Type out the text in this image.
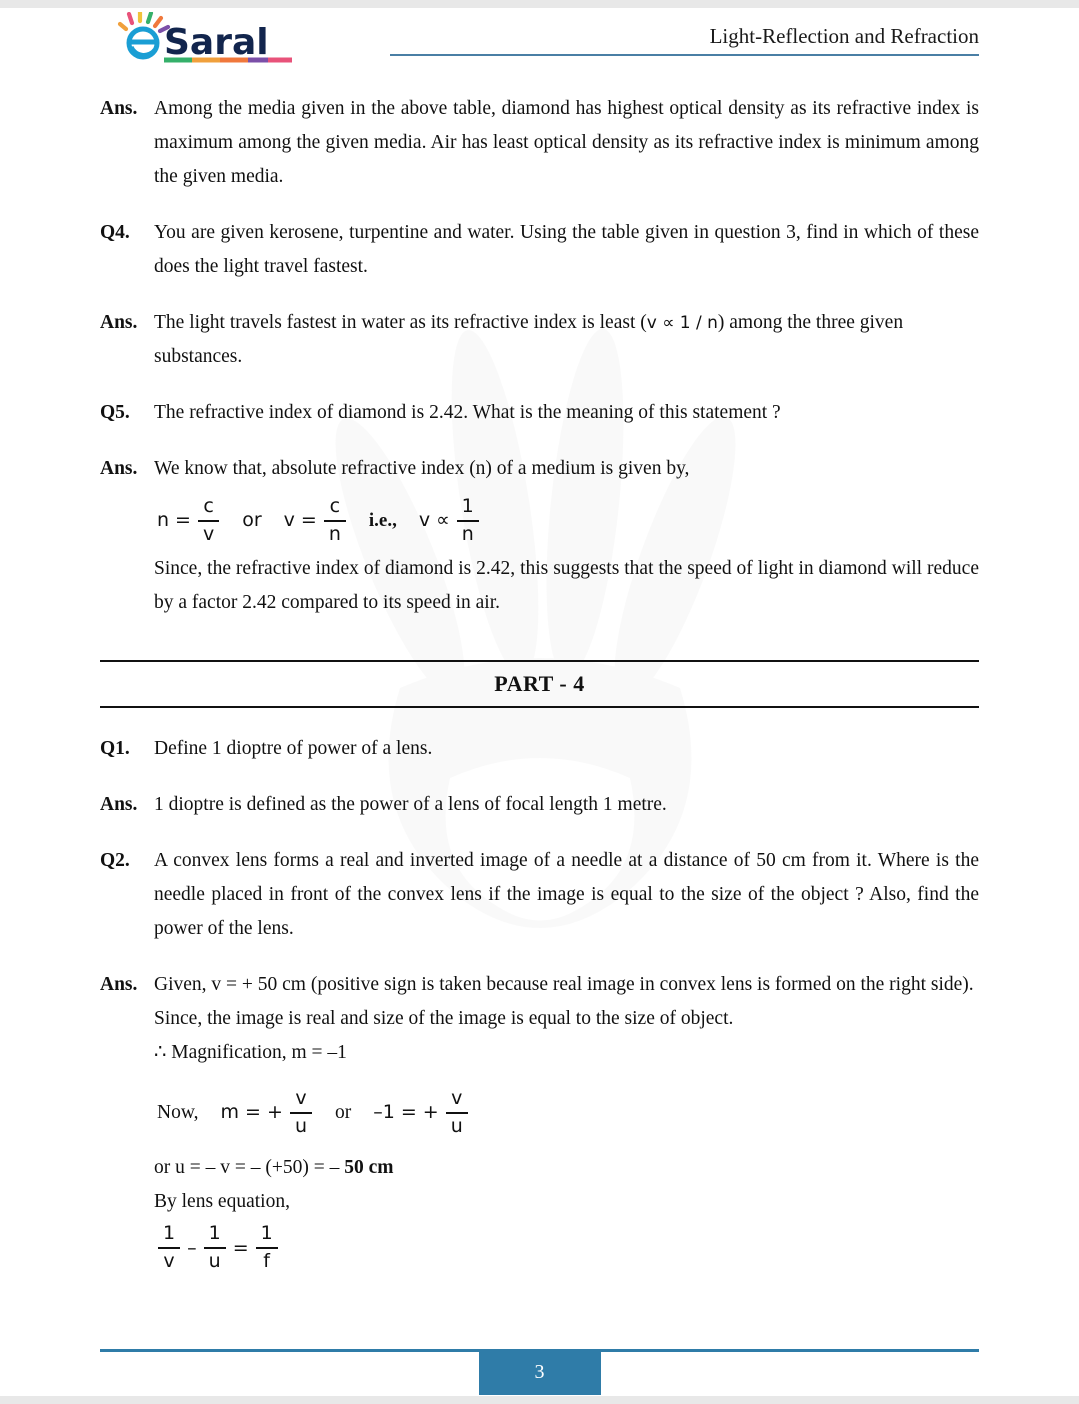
Saral	Light-Reflection and Refraction
Ans. Among the media given in the above table, diamond has highest optical density as its refractive index is maximum among the given media. Air has least optical density as its refractive index is minimum among the given media.
Q4.	You are given kerosene, turpentine and water. Using the table given in question 3, find in which of these does the light travel fastest.
Ans. The light travels fastest in water as its refractive index is least (v ∝ 1 / n) among the three given substances.
Q5.	The refractive index of diamond is 2.42. What is the meaning of this statement ?
Ans. We know that, absolute refractive index (n) of a medium is given by,

$n = \frac{c}{v}$ or $v = \frac{c}{n} i.e$., $v \propto \frac{1}{n}$

Since, the refractive index of diamond is 2.42, this suggests that the speed of light in diamond will reduce by a factor 2.42 compared to its speed in air.

PART - 4
Q1.	Define 1 dioptre of power of a lens.
Ans. 1 dioptre is defined as the power of a lens of focal length 1 metre.
Q2.	A convex lens forms a real and inverted image of a needle at a distance of 50 cm from it. Where is the needle placed in front of the convex lens if the image is equal to the size of the object ? Also, find the power of the lens.
Ans. Given, v = + 50 cm (positive sign is taken because real image in convex lens is formed on the right side).

Since, the image is real and size of the image is equal to the size of object.

∴ Magnification, m = –1

Now, m = + $\frac{v}{u}$ or –1 = + $\frac{v}{u}$

or u = – v = – (+50) = – 50 cm

By lens equation,

$\frac{1}{v} - \frac{1}{u} = \frac{1}{f}$
3
